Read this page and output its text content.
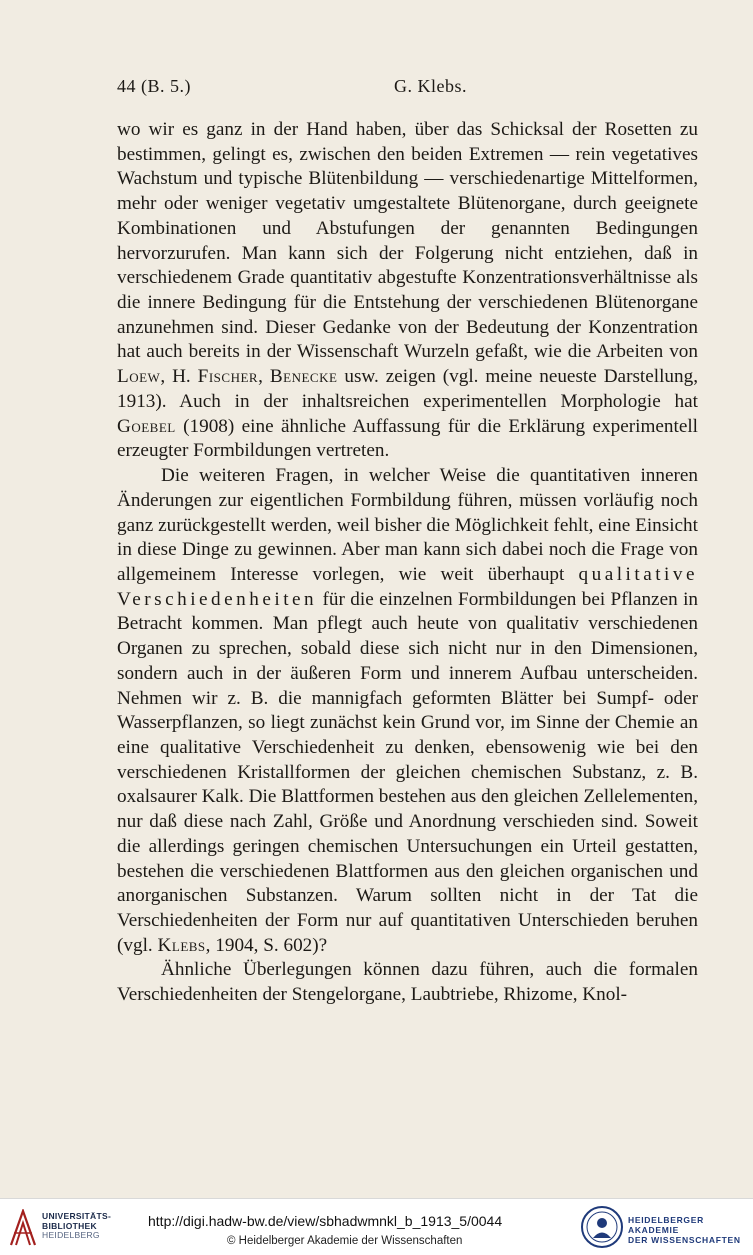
44 (B. 5.)	G. Klebs.

wo wir es ganz in der Hand haben, über das Schicksal der Rosetten zu bestimmen, gelingt es, zwischen den beiden Extremen — rein vegetatives Wachstum und typische Blütenbildung — verschiedenartige Mittelformen, mehr oder weniger vegetativ umgestaltete Blütenorgane, durch geeignete Kombinationen und Abstufungen der genannten Bedingungen hervorzurufen. Man kann sich der Folgerung nicht entziehen, daß in verschiedenem Grade quantitativ abgestufte Konzentrationsverhältnisse als die innere Bedingung für die Entstehung der verschiedenen Blütenorgane anzunehmen sind. Dieser Gedanke von der Bedeutung der Konzentration hat auch bereits in der Wissenschaft Wurzeln gefaßt, wie die Arbeiten von Loew, H. Fischer, Benecke usw. zeigen (vgl. meine neueste Darstellung, 1913). Auch in der inhaltsreichen experimentellen Morphologie hat Goebel (1908) eine ähnliche Auffassung für die Erklärung experimentell erzeugter Formbildungen vertreten.

Die weiteren Fragen, in welcher Weise die quantitativen inneren Änderungen zur eigentlichen Formbildung führen, müssen vorläufig noch ganz zurückgestellt werden, weil bisher die Möglichkeit fehlt, eine Einsicht in diese Dinge zu gewinnen. Aber man kann sich dabei noch die Frage von allgemeinem Interesse vorlegen, wie weit überhaupt qualitative Verschiedenheiten für die einzelnen Formbildungen bei Pflanzen in Betracht kommen. Man pflegt auch heute von qualitativ verschiedenen Organen zu sprechen, sobald diese sich nicht nur in den Dimensionen, sondern auch in der äußeren Form und innerem Aufbau unterscheiden. Nehmen wir z. B. die mannigfach geformten Blätter bei Sumpf- oder Wasserpflanzen, so liegt zunächst kein Grund vor, im Sinne der Chemie an eine qualitative Verschiedenheit zu denken, ebensowenig wie bei den verschiedenen Kristallformen der gleichen chemischen Substanz, z. B. oxalsaurer Kalk. Die Blattformen bestehen aus den gleichen Zellelementen, nur daß diese nach Zahl, Größe und Anordnung verschieden sind. Soweit die allerdings geringen chemischen Untersuchungen ein Urteil gestatten, bestehen die verschiedenen Blattformen aus den gleichen organischen und anorganischen Substanzen. Warum sollten nicht in der Tat die Verschiedenheiten der Form nur auf quantitativen Unterschieden beruhen (vgl. Klebs, 1904, S. 602)?

Ähnliche Überlegungen können dazu führen, auch die formalen Verschiedenheiten der Stengelorgane, Laubtriebe, Rhizome, Knol-

UNIVERSITÄTS-
BIBLIOTHEK
HEIDELBERG
http://digi.hadw-bw.de/view/sbhadwmnkl_b_1913_5/0044
© Heidelberger Akademie der Wissenschaften
HEIDELBERGER AKADEMIE
DER WISSENSCHAFTEN
